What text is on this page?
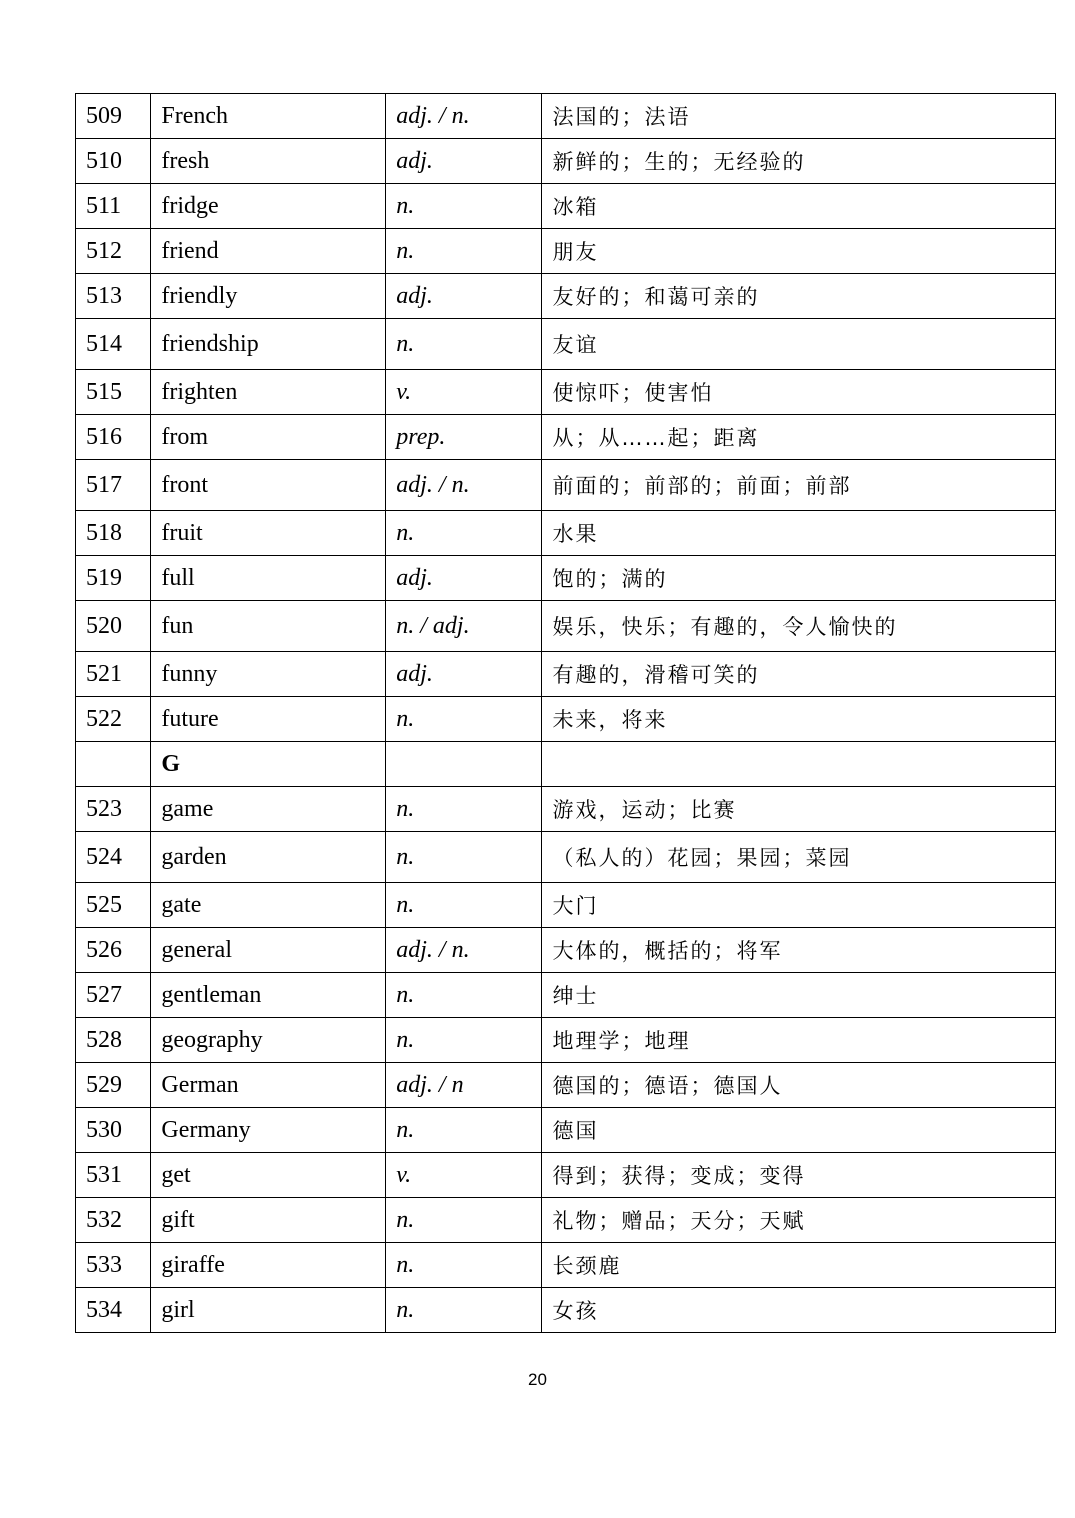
509	French	adj. / n.	法国的；法语
510	fresh	adj.	新鲜的；生的；无经验的
511	fridge	n.	冰箱
512	friend	n.	朋友
513	friendly	adj.	友好的；和蔼可亲的
514	friendship	n.	友谊
515	frighten	v.	使惊吓；使害怕
516	from	prep.	从；从……起；距离
517	front	adj. / n.	前面的；前部的；前面；前部
518	fruit	n.	水果
519	full	adj.	饱的；满的
520	fun	n. / adj.	娱乐，快乐；有趣的，令人愉快的
521	funny	adj.	有趣的，滑稽可笑的
522	future	n.	未来，将来
	G		
523	game	n.	游戏，运动；比赛
524	garden	n.	（私人的）花园；果园；菜园
525	gate	n.	大门
526	general	adj. / n.	大体的，概括的；将军
527	gentleman	n.	绅士
528	geography	n.	地理学；地理
529	German	adj. / n	德国的；德语；德国人
530	Germany	n.	德国
531	get	v.	得到；获得；变成；变得
532	gift	n.	礼物；赠品；天分；天赋
533	giraffe	n.	长颈鹿
534	girl	n.	女孩
20
